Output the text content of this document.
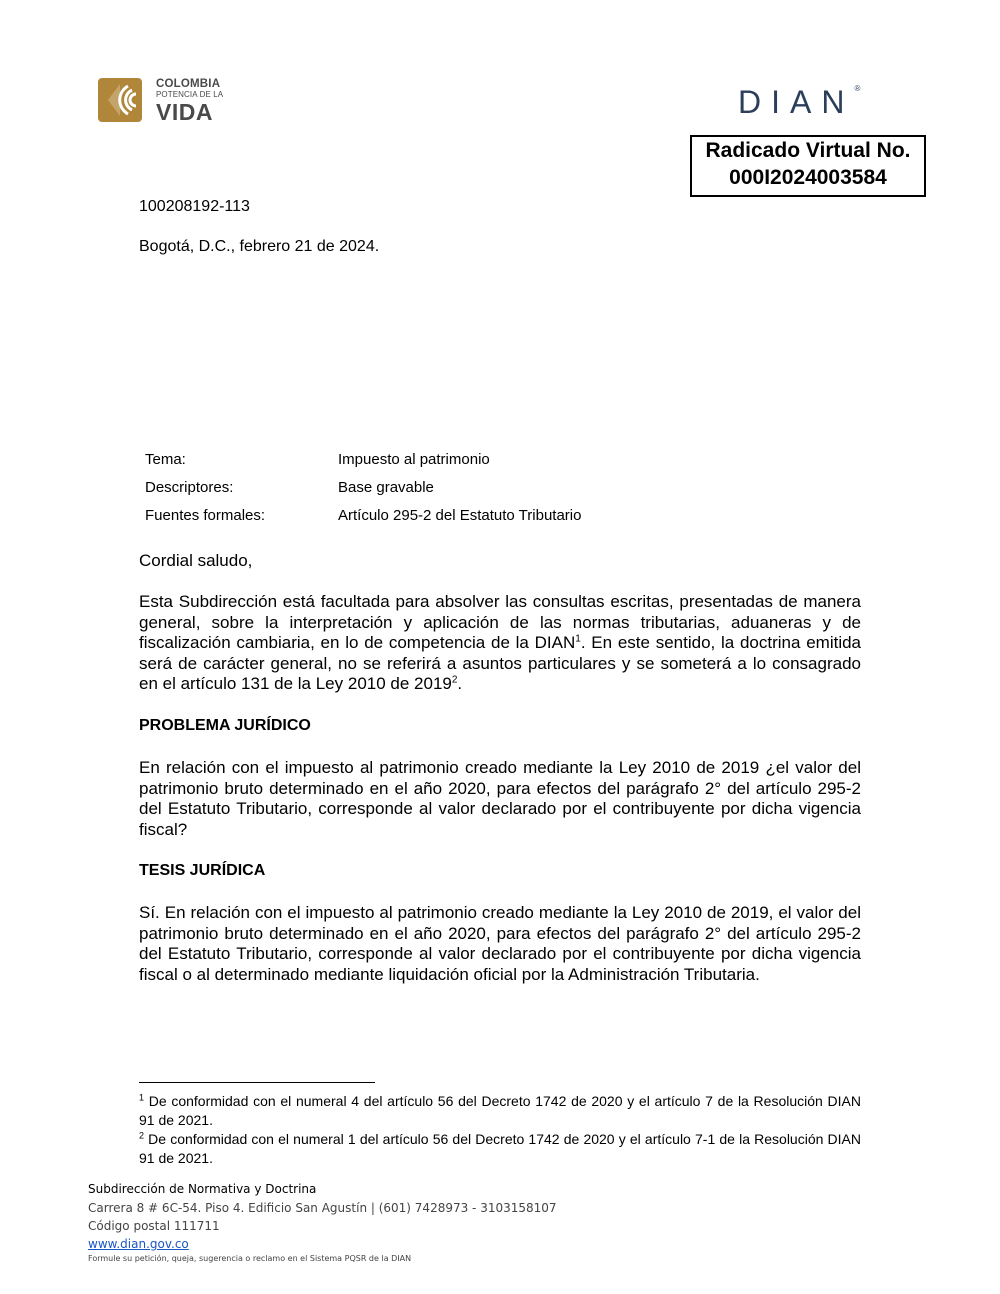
COLOMBIA
POTENCIA DE LA
VIDA	DIAN®
Radicado Virtual No.
000I2024003584
100208192-113
Bogotá, D.C., febrero 21 de 2024.
Tema:	Impuesto al patrimonio
Descriptores:	Base gravable
Fuentes formales:	Artículo 295-2 del Estatuto Tributario
Cordial saludo,
Esta Subdirección está facultada para absolver las consultas escritas, presentadas de manera general, sobre la interpretación y aplicación de las normas tributarias, aduaneras y de fiscalización cambiaria, en lo de competencia de la DIAN$^1$. En este sentido, la doctrina emitida será de carácter general, no se referirá a asuntos particulares y se someterá a lo consagrado en el artículo 131 de la Ley 2010 de 2019$^2$.
PROBLEMA JURÍDICO
En relación con el impuesto al patrimonio creado mediante la Ley 2010 de 2019 ¿el valor del patrimonio bruto determinado en el año 2020, para efectos del parágrafo 2° del artículo 295-2 del Estatuto Tributario, corresponde al valor declarado por el contribuyente por dicha vigencia fiscal?
TESIS JURÍDICA
Sí. En relación con el impuesto al patrimonio creado mediante la Ley 2010 de 2019, el valor del patrimonio bruto determinado en el año 2020, para efectos del parágrafo 2° del artículo 295-2 del Estatuto Tributario, corresponde al valor declarado por el contribuyente por dicha vigencia fiscal o al determinado mediante liquidación oficial por la Administración Tributaria.
$^1$ De conformidad con el numeral 4 del artículo 56 del Decreto 1742 de 2020 y el artículo 7 de la Resolución DIAN 91 de 2021.
$^2$ De conformidad con el numeral 1 del artículo 56 del Decreto 1742 de 2020 y el artículo 7-1 de la Resolución DIAN 91 de 2021.
Subdirección de Normativa y Doctrina
Carrera 8 # 6C-54. Piso 4. Edificio San Agustín | (601) 7428973 - 3103158107
Código postal 111711
www.dian.gov.co
Formule su petición, queja, sugerencia o reclamo en el Sistema PQSR de la DIAN
